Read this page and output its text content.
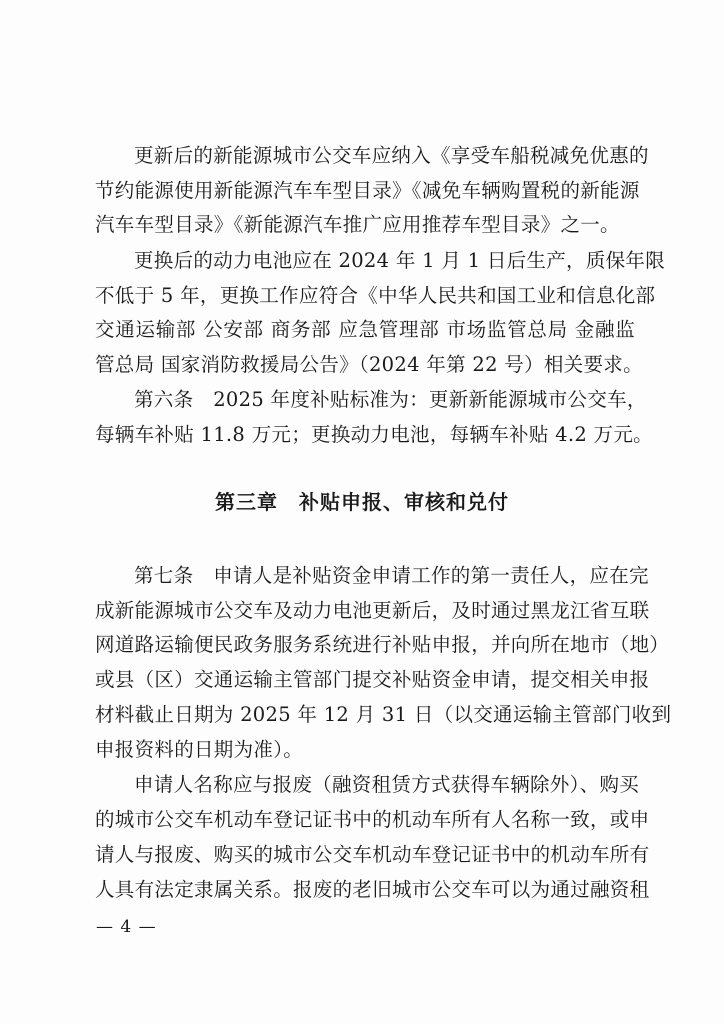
更新后的新能源城市公交车应纳入《享受车船税减免优惠的
节约能源使用新能源汽车车型目录》《减免车辆购置税的新能源
汽车车型目录》《新能源汽车推广应用推荐车型目录》之一。
更换后的动力电池应在 2024 年 1 月 1 日后生产，质保年限
不低于 5 年，更换工作应符合《中华人民共和国工业和信息化部
交通运输部 公安部 商务部 应急管理部 市场监管总局 金融监
管总局 国家消防救援局公告》（2024 年第 22 号）相关要求。
第六条　2025 年度补贴标准为：更新新能源城市公交车，
每辆车补贴 11.8 万元；更换动力电池，每辆车补贴 4.2 万元。
第三章　补贴申报、审核和兑付
第七条　申请人是补贴资金申请工作的第一责任人，应在完
成新能源城市公交车及动力电池更新后，及时通过黑龙江省互联
网道路运输便民政务服务系统进行补贴申报，并向所在地市（地）
或县（区）交通运输主管部门提交补贴资金申请，提交相关申报
材料截止日期为 2025 年 12 月 31 日（以交通运输主管部门收到
申报资料的日期为准）。
申请人名称应与报废（融资租赁方式获得车辆除外）、购买
的城市公交车机动车登记证书中的机动车所有人名称一致，或申
请人与报废、购买的城市公交车机动车登记证书中的机动车所有
人具有法定隶属关系。报废的老旧城市公交车可以为通过融资租
— 4 —
